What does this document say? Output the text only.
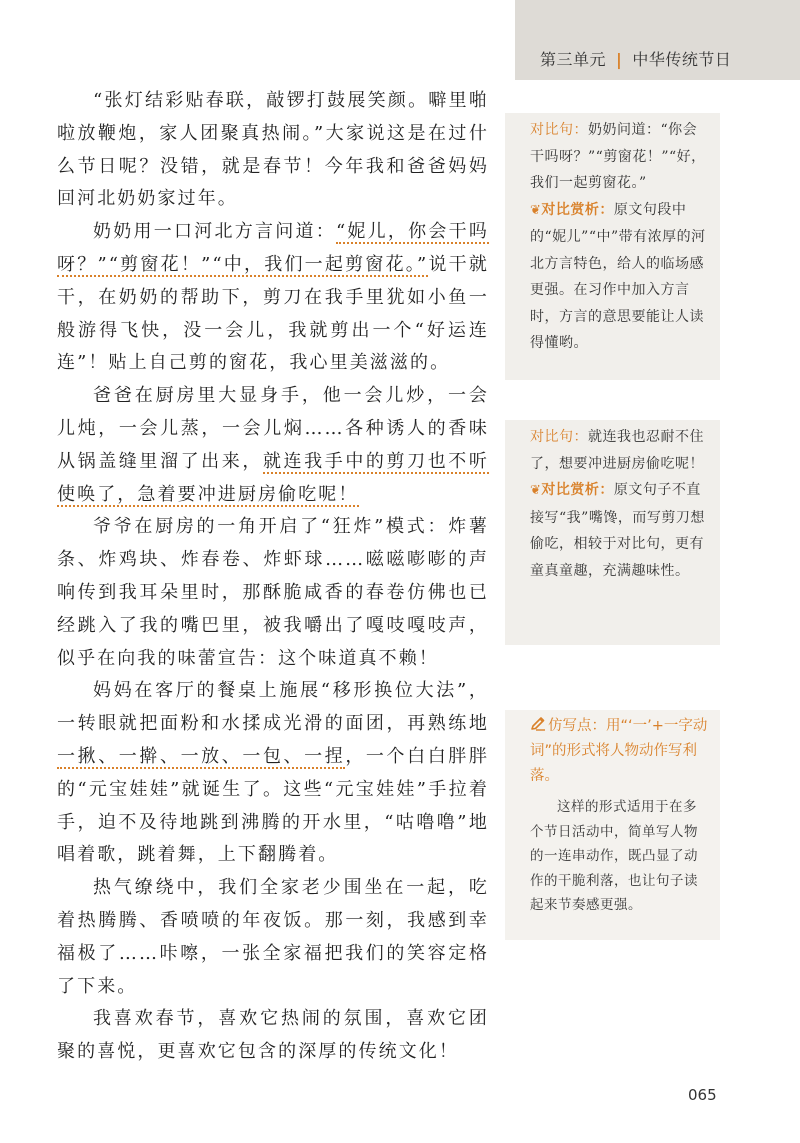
第三单元 | 中华传统节日

“张灯结彩贴春联，敲锣打鼓展笑颜。噼里啪啦放鞭炮，家人团聚真热闹。”大家说这是在过什么节日呢？没错，就是春节！今年我和爸爸妈妈回河北奶奶家过年。

奶奶用一口河北方言问道：“妮儿，你会干吗呀？”“剪窗花！”“中，我们一起剪窗花。”说干就干，在奶奶的帮助下，剪刀在我手里犹如小鱼一般游得飞快，没一会儿，我就剪出一个“好运连连”！贴上自己剪的窗花，我心里美滋滋的。

爸爸在厨房里大显身手，他一会儿炒，一会儿炖，一会儿蒸，一会儿焖……各种诱人的香味从锅盖缝里溜了出来，就连我手中的剪刀也不听使唤了，急着要冲进厨房偷吃呢！

爷爷在厨房的一角开启了“狂炸”模式：炸薯条、炸鸡块、炸春卷、炸虾球……嗞嗞嘭嘭的声响传到我耳朵里时，那酥脆咸香的春卷仿佛也已经跳入了我的嘴巴里，被我嚼出了嘎吱嘎吱声，似乎在向我的味蕾宣告：这个味道真不赖！

妈妈在客厅的餐桌上施展“移形换位大法”，一转眼就把面粉和水揉成光滑的面团，再熟练地一揪、一擀、一放、一包、一捏，一个白白胖胖的“元宝娃娃”就诞生了。这些“元宝娃娃”手拉着手，迫不及待地跳到沸腾的开水里，“咕噜噜”地唱着歌，跳着舞，上下翻腾着。

热气缭绕中，我们全家老少围坐在一起，吃着热腾腾、香喷喷的年夜饭。那一刻，我感到幸福极了……咔嚓，一张全家福把我们的笑容定格了下来。

我喜欢春节，喜欢它热闹的氛围，喜欢它团聚的喜悦，更喜欢它包含的深厚的传统文化！

对比句：奶奶问道：“你会干吗呀？”“剪窗花！”“好，我们一起剪窗花。”

❦对比赏析：原文句段中的“妮儿”“中”带有浓厚的河北方言特色，给人的临场感更强。在习作中加入方言时，方言的意思要能让人读得懂哟。

对比句：就连我也忍耐不住了，想要冲进厨房偷吃呢！

❦对比赏析：原文句子不直接写“我”嘴馋，而写剪刀想偷吃，相较于对比句，更有童真童趣，充满趣味性。

仿写点：用“‘一’+一字动词”的形式将人物动作写利落。

这样的形式适用于在多个节日活动中，简单写人物的一连串动作，既凸显了动作的干脆利落，也让句子读起来节奏感更强。

065
